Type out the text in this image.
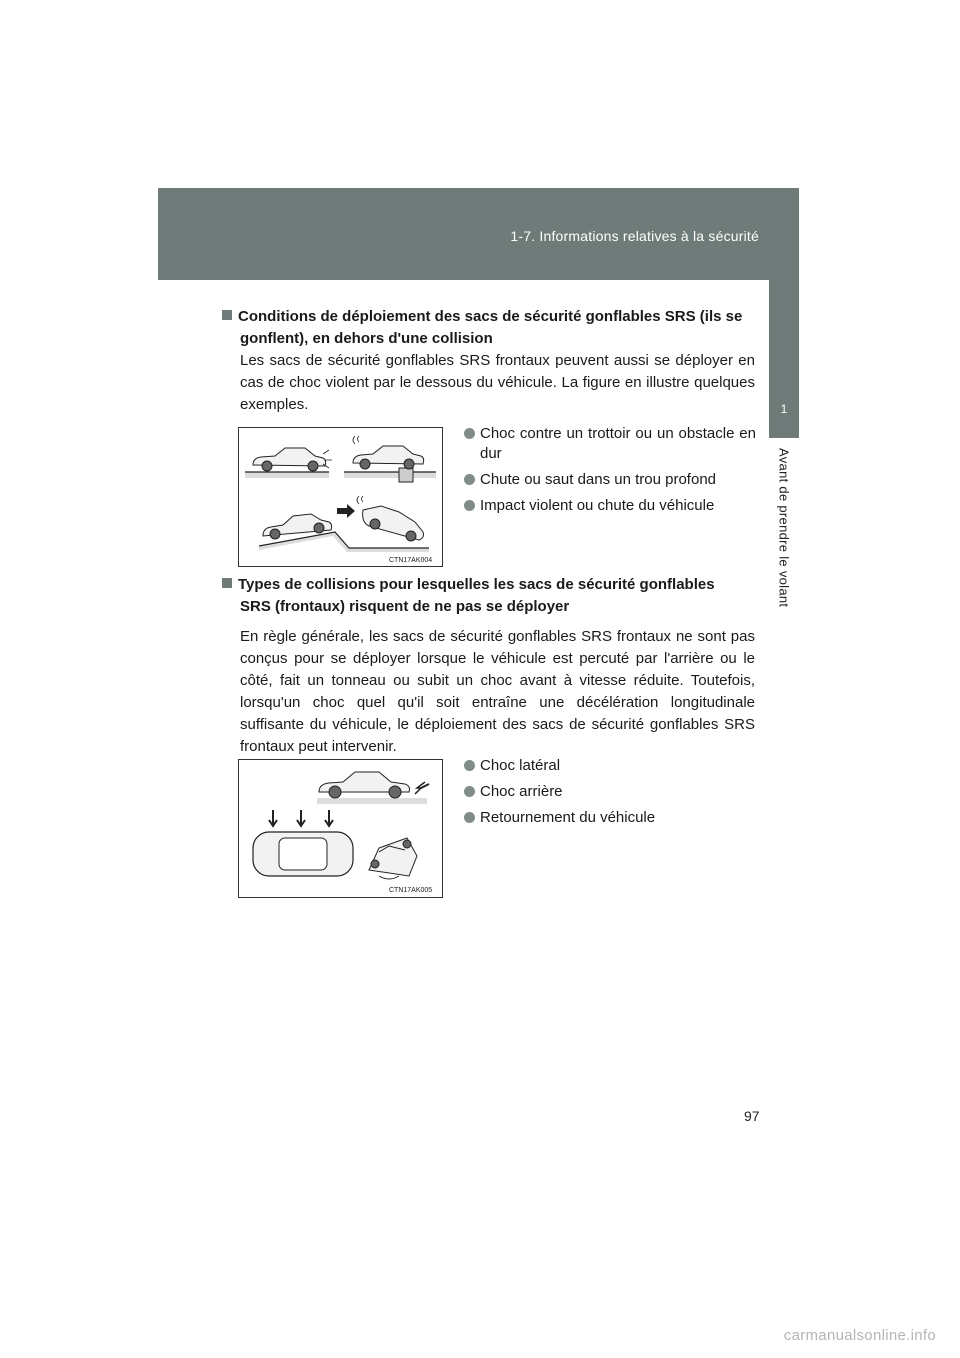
1-7. Informations relatives à la sécurité
1
Avant de prendre le volant
Conditions de déploiement des sacs de sécurité gonflables SRS (ils se
gonflent), en dehors d'une collision
Les sacs de sécurité gonflables SRS frontaux peuvent aussi se déployer en cas de choc violent par le dessous du véhicule. La figure en illustre quelques exemples.
CTN17AK004
Choc contre un trottoir ou un obstacle en dur
Chute ou saut dans un trou profond
Impact violent ou chute du véhicule
Types de collisions pour lesquelles les sacs de sécurité gonflables
SRS (frontaux) risquent de ne pas se déployer
En règle générale, les sacs de sécurité gonflables SRS frontaux ne sont pas conçus pour se déployer lorsque le véhicule est percuté par l'arrière ou le côté, fait un tonneau ou subit un choc avant à vitesse réduite. Toutefois, lorsqu'un choc quel qu'il soit entraîne une décélération longitudinale suffisante du véhicule, le déploiement des sacs de sécurité gonflables SRS frontaux peut intervenir.
CTN17AK005
Choc latéral
Choc arrière
Retournement du véhicule
97
carmanualsonline.info
